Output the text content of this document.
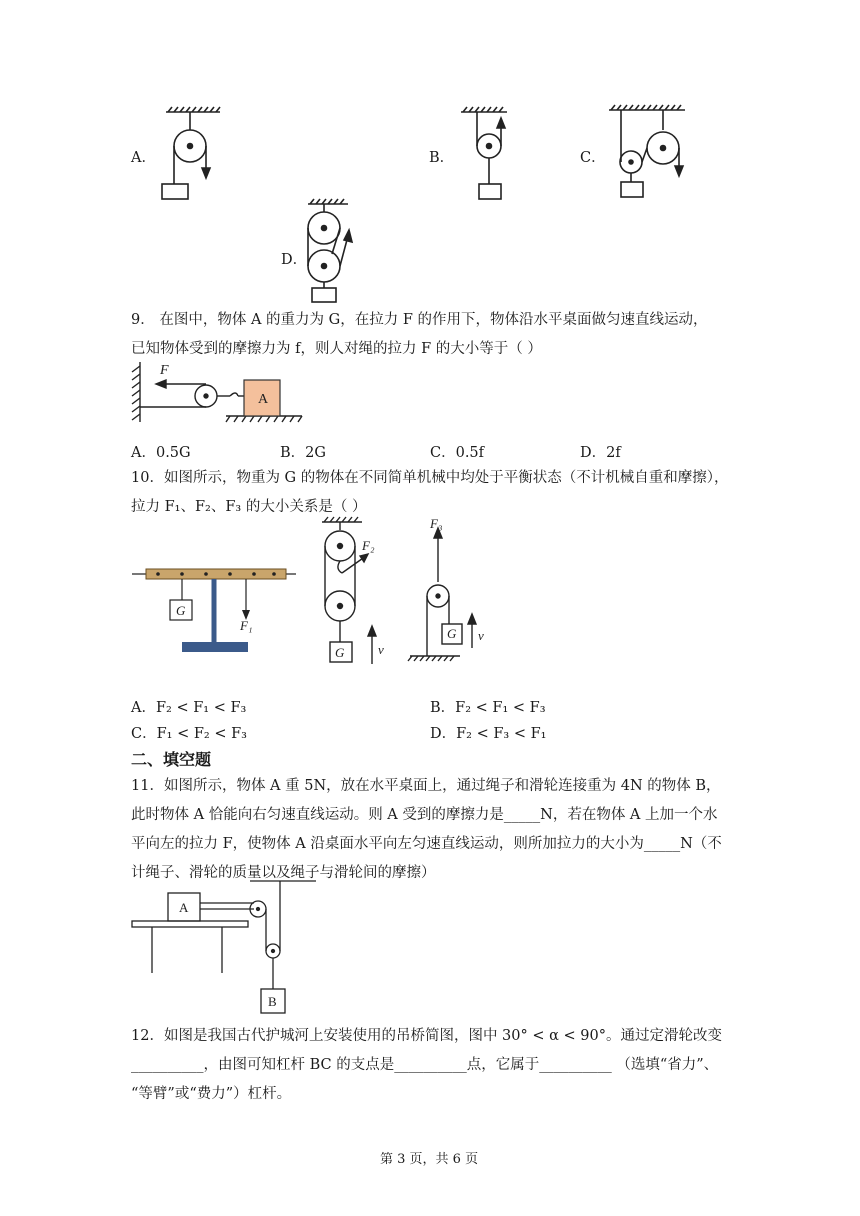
A．	B．	C．
D．
9． 在图中，物体 A 的重力为 G，在拉力 F 的作用下，物体沿水平桌面做匀速直线运动，
已知物体受到的摩擦力为 f，则人对绳的拉力 F 的大小等于（ ）
A
F
A．0.5G	B．2G	C．0.5f	D．2f
10．如图所示，物重为 G 的物体在不同简单机械中均处于平衡状态（不计机械自重和摩擦），
拉力 F₁、F₂、F₃ 的大小关系是（ ）
G
F₁
F₂
G	v
F₃
G v
A．F₂ < F₁ < F₃	B．F₂ < F₁ < F₃
C．F₁ < F₂ < F₃	D．F₂ < F₃ < F₁
二、填空题
11．如图所示，物体 A 重 5N，放在水平桌面上，通过绳子和滑轮连接重为 4N 的物体 B，
此时物体 A 恰能向右匀速直线运动。则 A 受到的摩擦力是_____N，若在物体 A 上加一个水
平向左的拉力 F，使物体 A 沿桌面水平向左匀速直线运动，则所加拉力的大小为_____N（不
计绳子、滑轮的质量以及绳子与滑轮间的摩擦）
A
B
12．如图是我国古代护城河上安装使用的吊桥简图，图中 30° < α < 90°。通过定滑轮改变
__________，由图可知杠杆 BC 的支点是__________点，它属于__________ （选填“省力”、
“等臂”或“费力”）杠杆。
第 3 页，共 6 页
